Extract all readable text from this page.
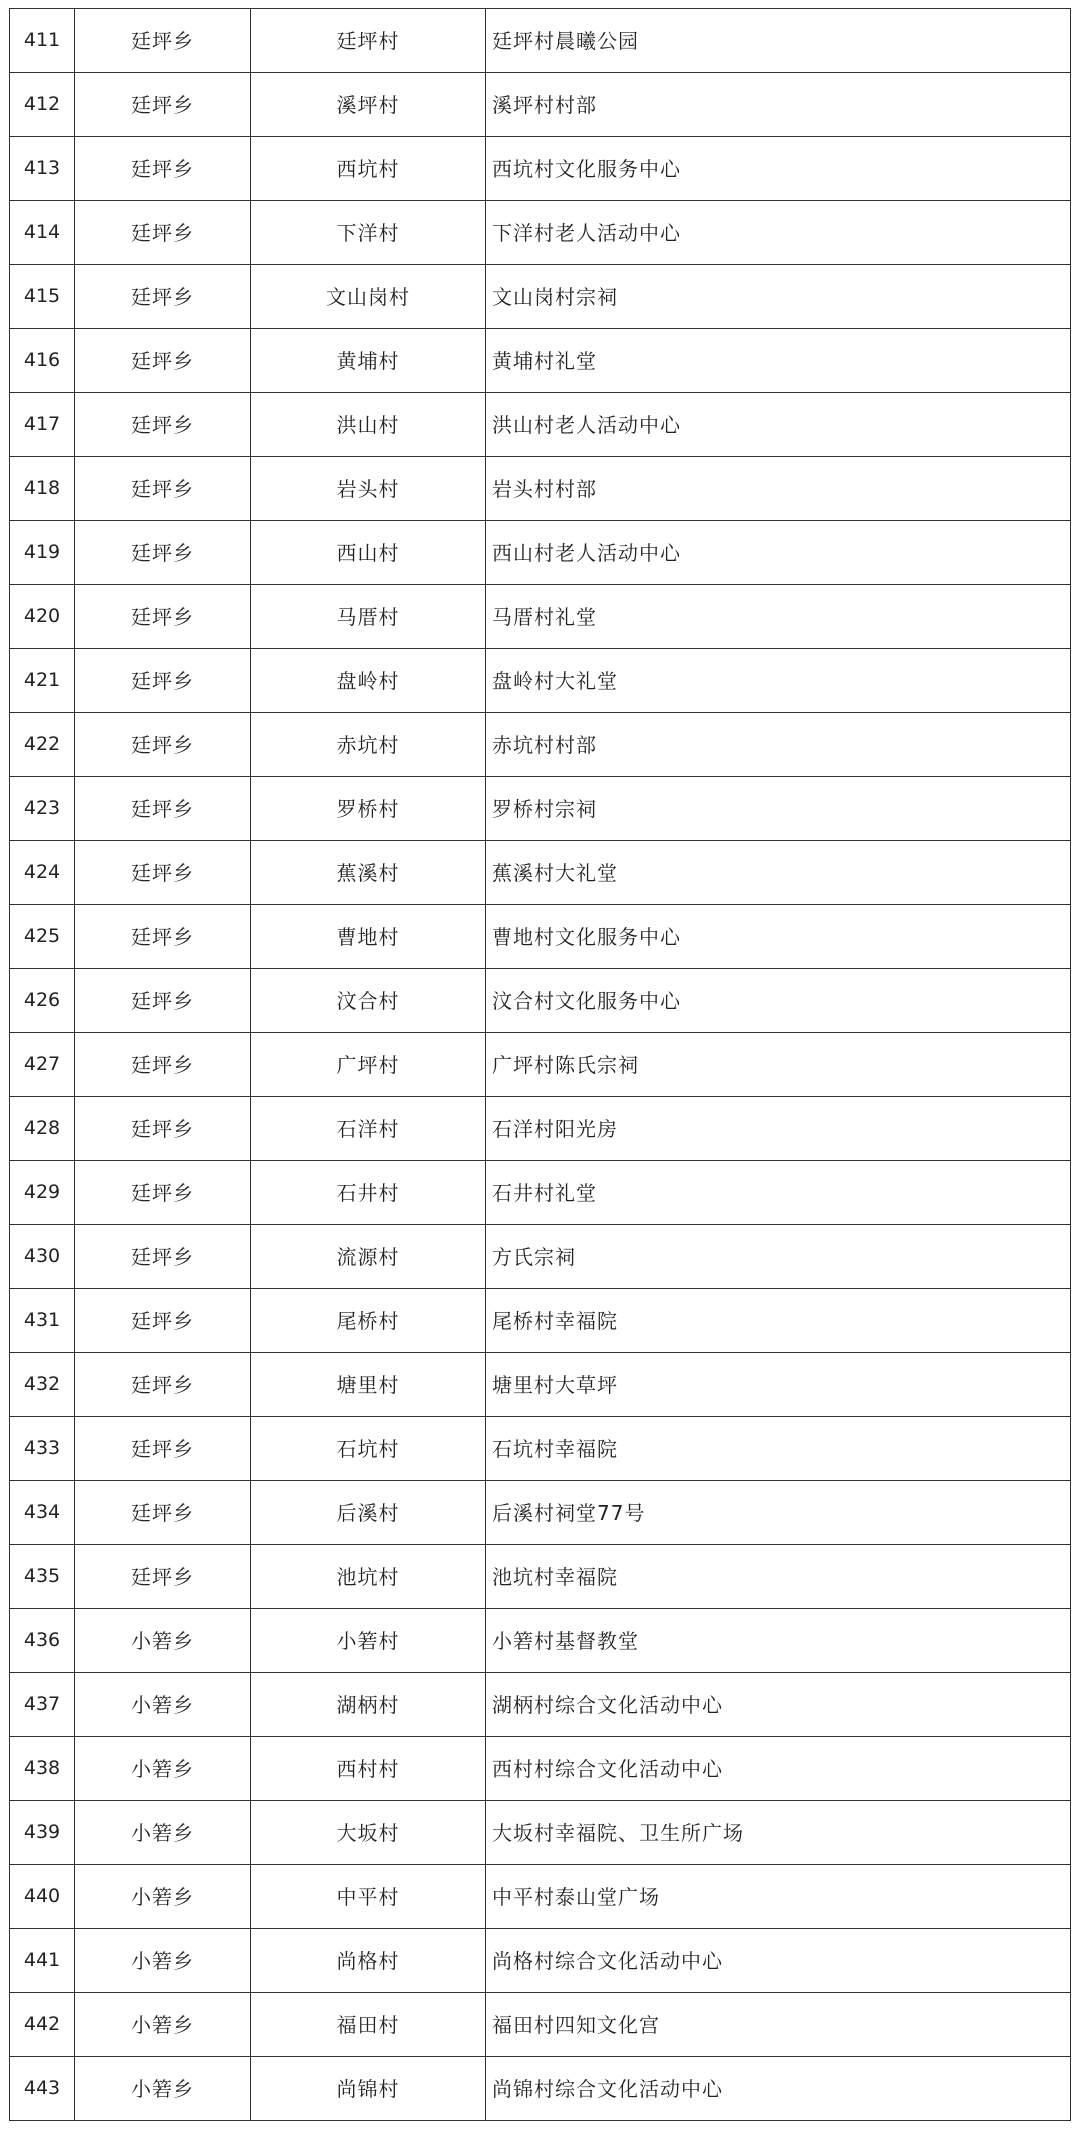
411	廷坪乡	廷坪村	廷坪村晨曦公园
412	廷坪乡	溪坪村	溪坪村村部
413	廷坪乡	西坑村	西坑村文化服务中心
414	廷坪乡	下洋村	下洋村老人活动中心
415	廷坪乡	文山岗村	文山岗村宗祠
416	廷坪乡	黄埔村	黄埔村礼堂
417	廷坪乡	洪山村	洪山村老人活动中心
418	廷坪乡	岩头村	岩头村村部
419	廷坪乡	西山村	西山村老人活动中心
420	廷坪乡	马厝村	马厝村礼堂
421	廷坪乡	盘岭村	盘岭村大礼堂
422	廷坪乡	赤坑村	赤坑村村部
423	廷坪乡	罗桥村	罗桥村宗祠
424	廷坪乡	蕉溪村	蕉溪村大礼堂
425	廷坪乡	曹地村	曹地村文化服务中心
426	廷坪乡	汶合村	汶合村文化服务中心
427	廷坪乡	广坪村	广坪村陈氏宗祠
428	廷坪乡	石洋村	石洋村阳光房
429	廷坪乡	石井村	石井村礼堂
430	廷坪乡	流源村	方氏宗祠
431	廷坪乡	尾桥村	尾桥村幸福院
432	廷坪乡	塘里村	塘里村大草坪
433	廷坪乡	石坑村	石坑村幸福院
434	廷坪乡	后溪村	后溪村祠堂77号
435	廷坪乡	池坑村	池坑村幸福院
436	小箬乡	小箬村	小箬村基督教堂
437	小箬乡	湖柄村	湖柄村综合文化活动中心
438	小箬乡	西村村	西村村综合文化活动中心
439	小箬乡	大坂村	大坂村幸福院、卫生所广场
440	小箬乡	中平村	中平村泰山堂广场
441	小箬乡	尚格村	尚格村综合文化活动中心
442	小箬乡	福田村	福田村四知文化宫
443	小箬乡	尚锦村	尚锦村综合文化活动中心
